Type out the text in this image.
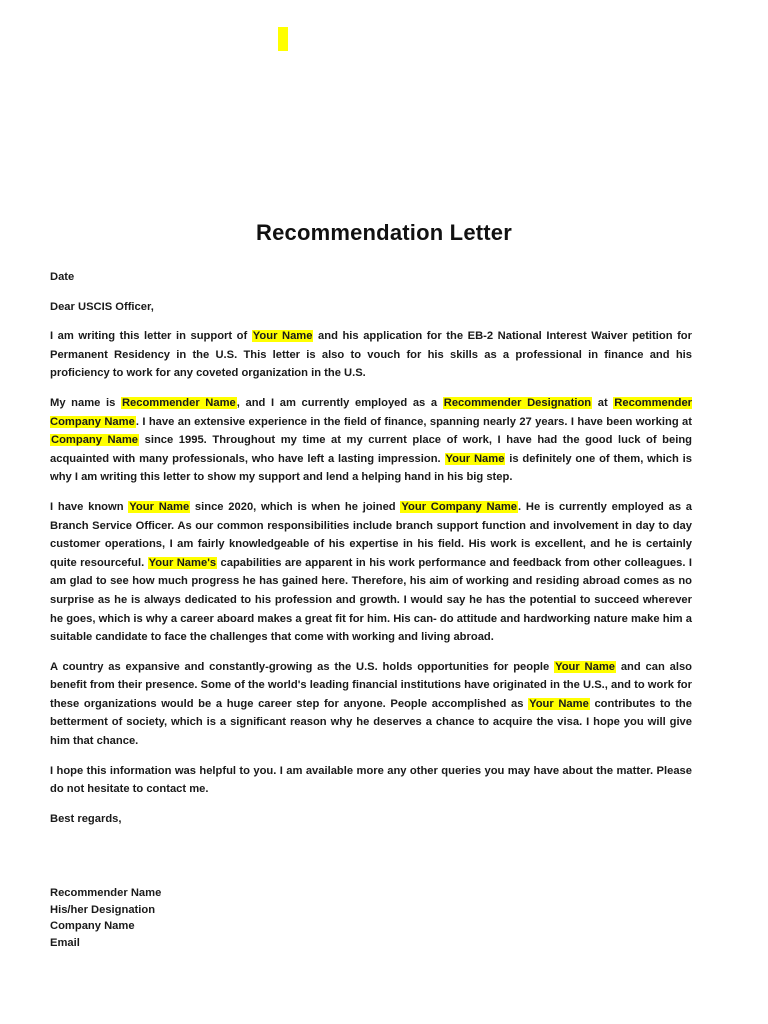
Recommendation Letter
Date
Dear USCIS Officer,
I am writing this letter in support of Your Name and his application for the EB-2 National Interest Waiver petition for Permanent Residency in the U.S. This letter is also to vouch for his skills as a professional in finance and his proficiency to work for any coveted organization in the U.S.
My name is Recommender Name, and I am currently employed as a Recommender Designation at Recommender Company Name. I have an extensive experience in the field of finance, spanning nearly 27 years. I have been working at Company Name since 1995. Throughout my time at my current place of work, I have had the good luck of being acquainted with many professionals, who have left a lasting impression. Your Name is definitely one of them, which is why I am writing this letter to show my support and lend a helping hand in his big step.
I have known Your Name since 2020, which is when he joined Your Company Name. He is currently employed as a Branch Service Officer. As our common responsibilities include branch support function and involvement in day to day customer operations, I am fairly knowledgeable of his expertise in his field. His work is excellent, and he is certainly quite resourceful. Your Name's capabilities are apparent in his work performance and feedback from other colleagues. I am glad to see how much progress he has gained here. Therefore, his aim of working and residing abroad comes as no surprise as he is always dedicated to his profession and growth. I would say he has the potential to succeed wherever he goes, which is why a career aboard makes a great fit for him. His can- do attitude and hardworking nature make him a suitable candidate to face the challenges that come with working and living abroad.
A country as expansive and constantly-growing as the U.S. holds opportunities for people Your Name and can also benefit from their presence. Some of the world's leading financial institutions have originated in the U.S., and to work for these organizations would be a huge career step for anyone. People accomplished as Your Name contributes to the betterment of society, which is a significant reason why he deserves a chance to acquire the visa. I hope you will give him that chance.
I hope this information was helpful to you. I am available more any other queries you may have about the matter. Please do not hesitate to contact me.
Best regards,
Recommender Name
His/her Designation
Company Name
Email
